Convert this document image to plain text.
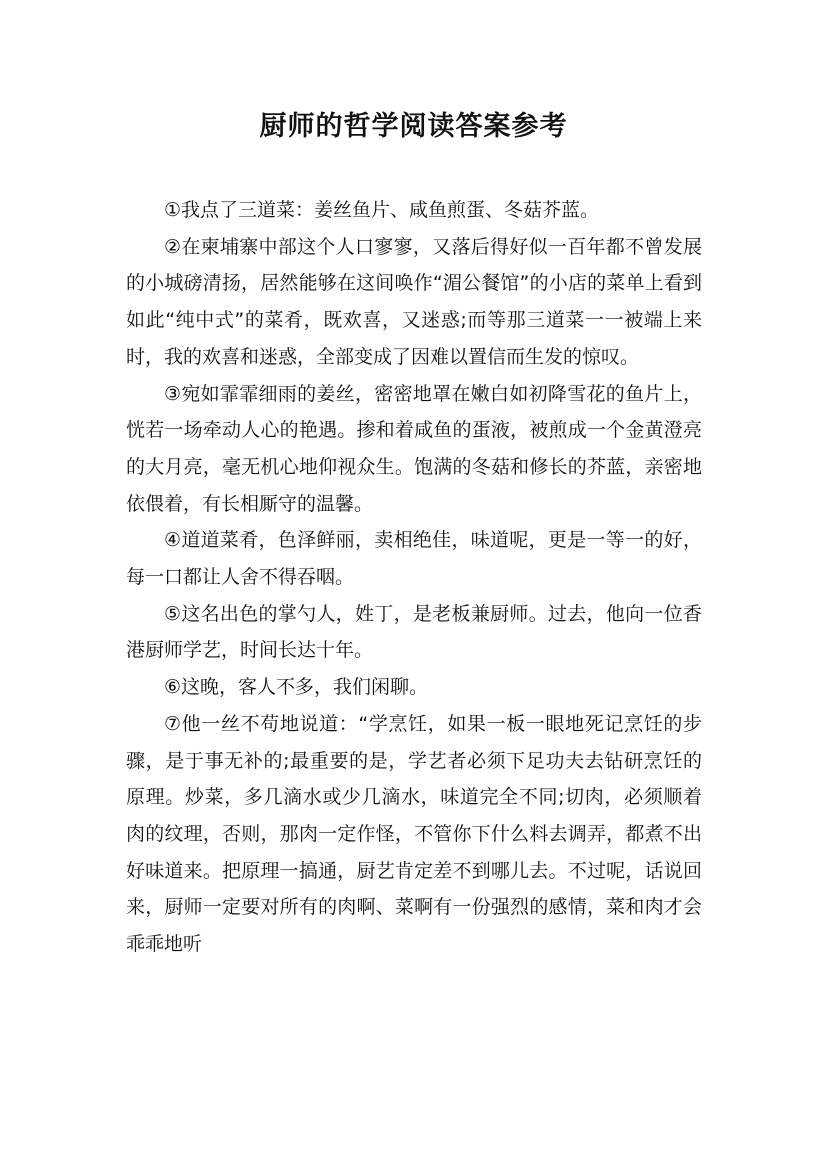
厨师的哲学阅读答案参考

①我点了三道菜：姜丝鱼片、咸鱼煎蛋、冬菇芥蓝。

②在柬埔寨中部这个人口寥寥，又落后得好似一百年都不曾发展的小城磅清扬，居然能够在这间唤作“湄公餐馆”的小店的菜单上看到如此“纯中式”的菜肴，既欢喜，又迷惑;而等那三道菜一一被端上来时，我的欢喜和迷惑，全部变成了因难以置信而生发的惊叹。

③宛如霏霏细雨的姜丝，密密地罩在嫩白如初降雪花的鱼片上，恍若一场牵动人心的艳遇。掺和着咸鱼的蛋液，被煎成一个金黄澄亮的大月亮，毫无机心地仰视众生。饱满的冬菇和修长的芥蓝，亲密地依偎着，有长相厮守的温馨。

④道道菜肴，色泽鲜丽，卖相绝佳，味道呢，更是一等一的好，每一口都让人舍不得吞咽。

⑤这名出色的掌勺人，姓丁，是老板兼厨师。过去，他向一位香港厨师学艺，时间长达十年。

⑥这晚，客人不多，我们闲聊。

⑦他一丝不苟地说道：“学烹饪，如果一板一眼地死记烹饪的步骤，是于事无补的;最重要的是，学艺者必须下足功夫去钻研烹饪的原理。炒菜，多几滴水或少几滴水，味道完全不同;切肉，必须顺着肉的纹理，否则，那肉一定作怪，不管你下什么料去调弄，都煮不出好味道来。把原理一搞通，厨艺肯定差不到哪儿去。不过呢，话说回来，厨师一定要对所有的肉啊、菜啊有一份强烈的感情，菜和肉才会乖乖地听
